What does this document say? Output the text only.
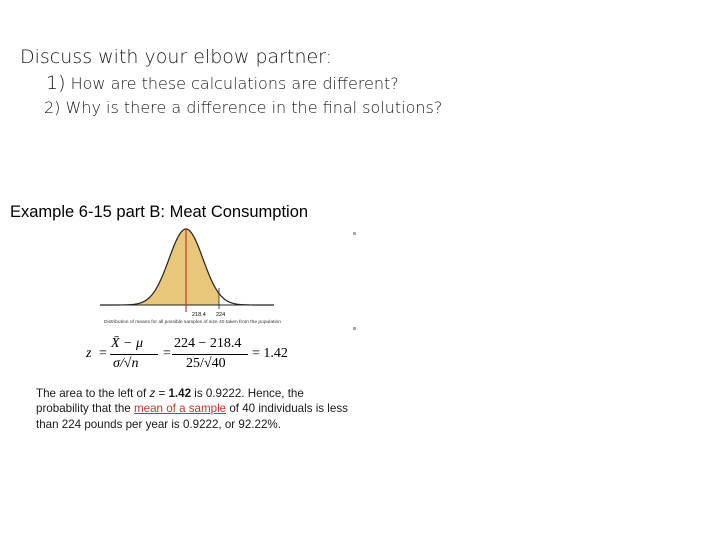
Discuss with your elbow partner:
1) How are these calculations are different?
2) Why is there a difference in the final solutions?
Example 6-15 part B: Meat Consumption
218.4 224
Distribution of means for all possible samples of size 40 taken from the population
z =
X̄ − μ
σ/√n
=
224 − 218.4
25/√40
= 1.42
The area to the left of z = 1.42 is 0.9222. Hence, the probability that the mean of a sample of 40 individuals is less than 224 pounds per year is 0.9222, or 92.22%.
